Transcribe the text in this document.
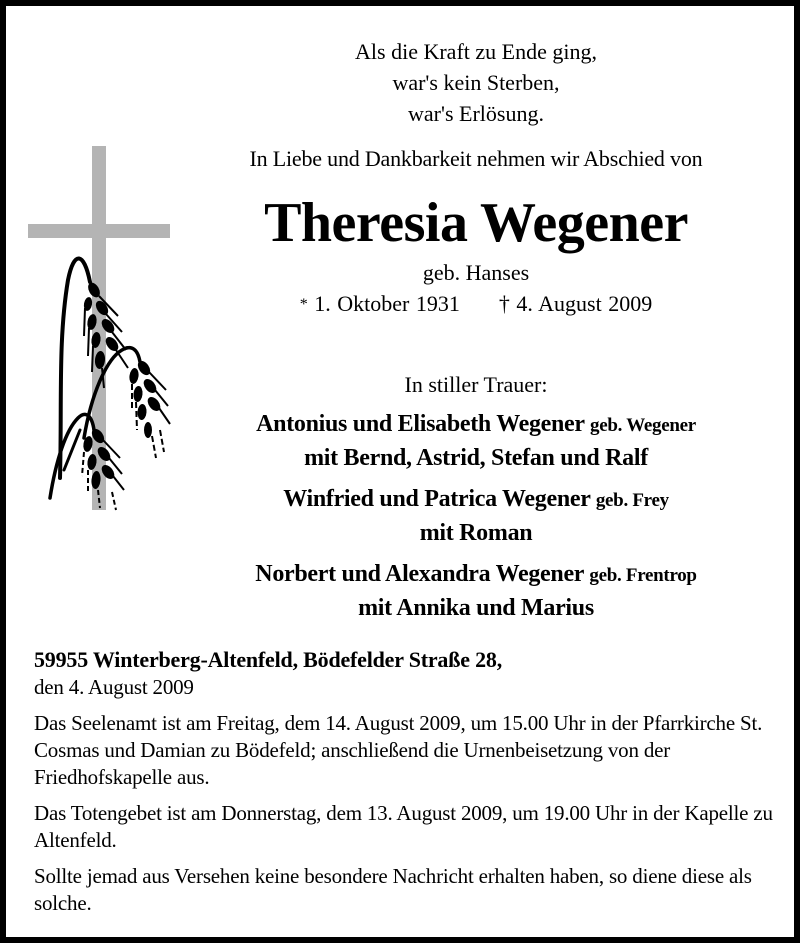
Als die Kraft zu Ende ging,
war's kein Sterben,
war's Erlösung.
In Liebe und Dankbarkeit nehmen wir Abschied von
Theresia Wegener
geb. Hanses
* 1. Oktober 1931 † 4. August 2009
In stiller Trauer:
Antonius und Elisabeth Wegener geb. Wegener
mit Bernd, Astrid, Stefan und Ralf
Winfried und Patrica Wegener geb. Frey
mit Roman
Norbert und Alexandra Wegener geb. Frentrop
mit Annika und Marius

59955 Winterberg-Altenfeld, Bödefelder Straße 28,
den 4. August 2009

Das Seelenamt ist am Freitag, dem 14. August 2009, um 15.00 Uhr in der Pfarrkirche St. Cosmas und Damian zu Bödefeld; anschließend die Urnenbeisetzung von der Friedhofskapelle aus.

Das Totengebet ist am Donnerstag, dem 13. August 2009, um 19.00 Uhr in der Kapelle zu Altenfeld.

Sollte jemad aus Versehen keine besondere Nachricht erhalten haben, so diene diese als solche.
